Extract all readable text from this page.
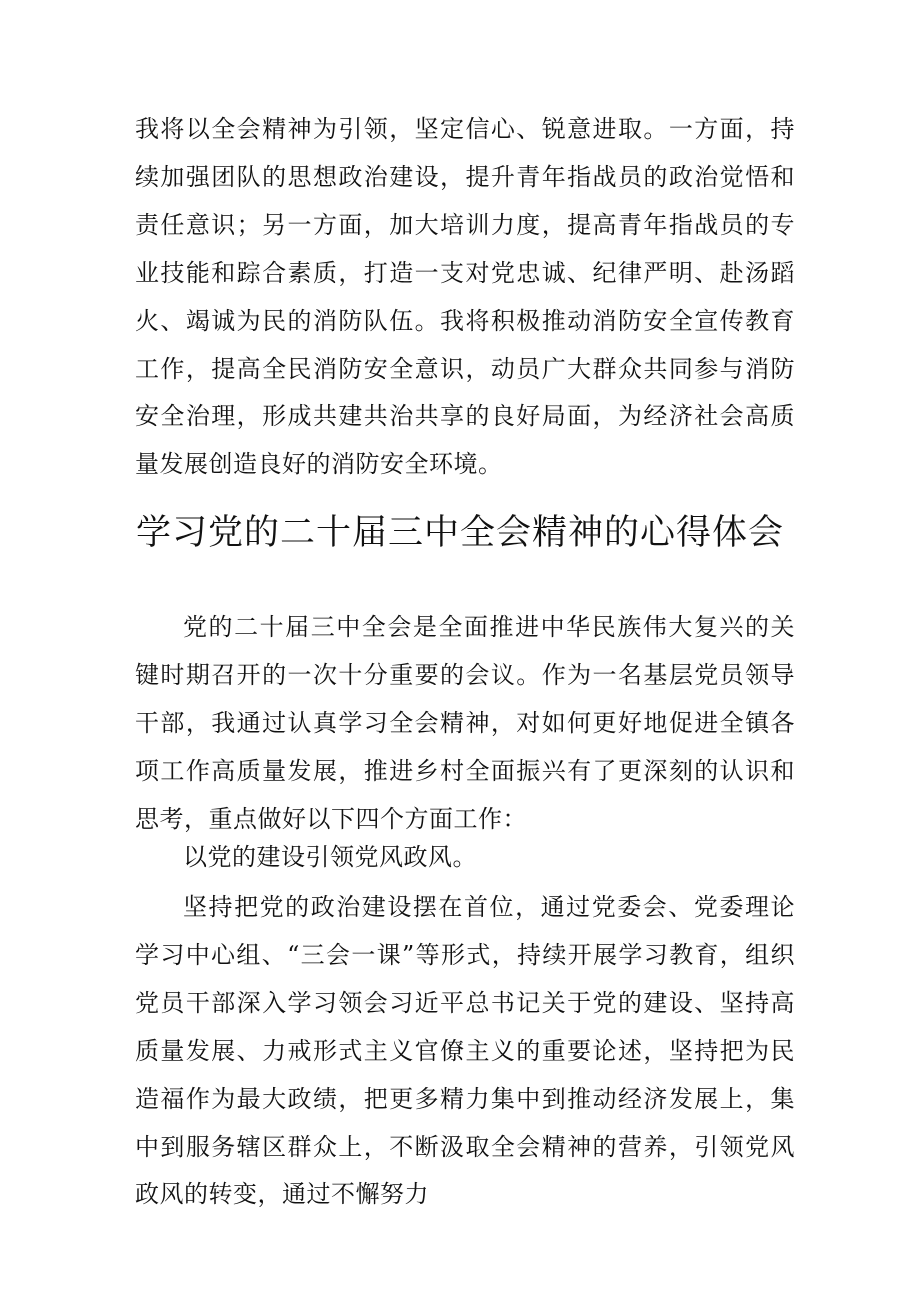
我将以全会精神为引领，坚定信心、锐意进取。一方面，持续加强团队的思想政治建设，提升青年指战员的政治觉悟和责任意识；另一方面，加大培训力度，提高青年指战员的专业技能和踪合素质，打造一支对党忠诚、纪律严明、赴汤蹈火、竭诚为民的消防队伍。我将积极推动消防安全宣传教育工作，提高全民消防安全意识，动员广大群众共同参与消防安全治理，形成共建共治共享的良好局面，为经济社会高质量发展创造良好的消防安全环境。

学习党的二十届三中全会精神的心得体会

党的二十届三中全会是全面推进中华民族伟大复兴的关键时期召开的一次十分重要的会议。作为一名基层党员领导干部，我通过认真学习全会精神，对如何更好地促进全镇各项工作高质量发展，推进乡村全面振兴有了更深刻的认识和思考，重点做好以下四个方面工作：

以党的建设引领党风政风。

坚持把党的政治建设摆在首位，通过党委会、党委理论学习中心组、“三会一课”等形式，持续开展学习教育，组织党员干部深入学习领会习近平总书记关于党的建设、坚持高质量发展、力戒形式主义官僚主义的重要论述，坚持把为民造福作为最大政绩，把更多精力集中到推动经济发展上，集中到服务辖区群众上，不断汲取全会精神的营养，引领党风政风的转变，通过不懈努力
